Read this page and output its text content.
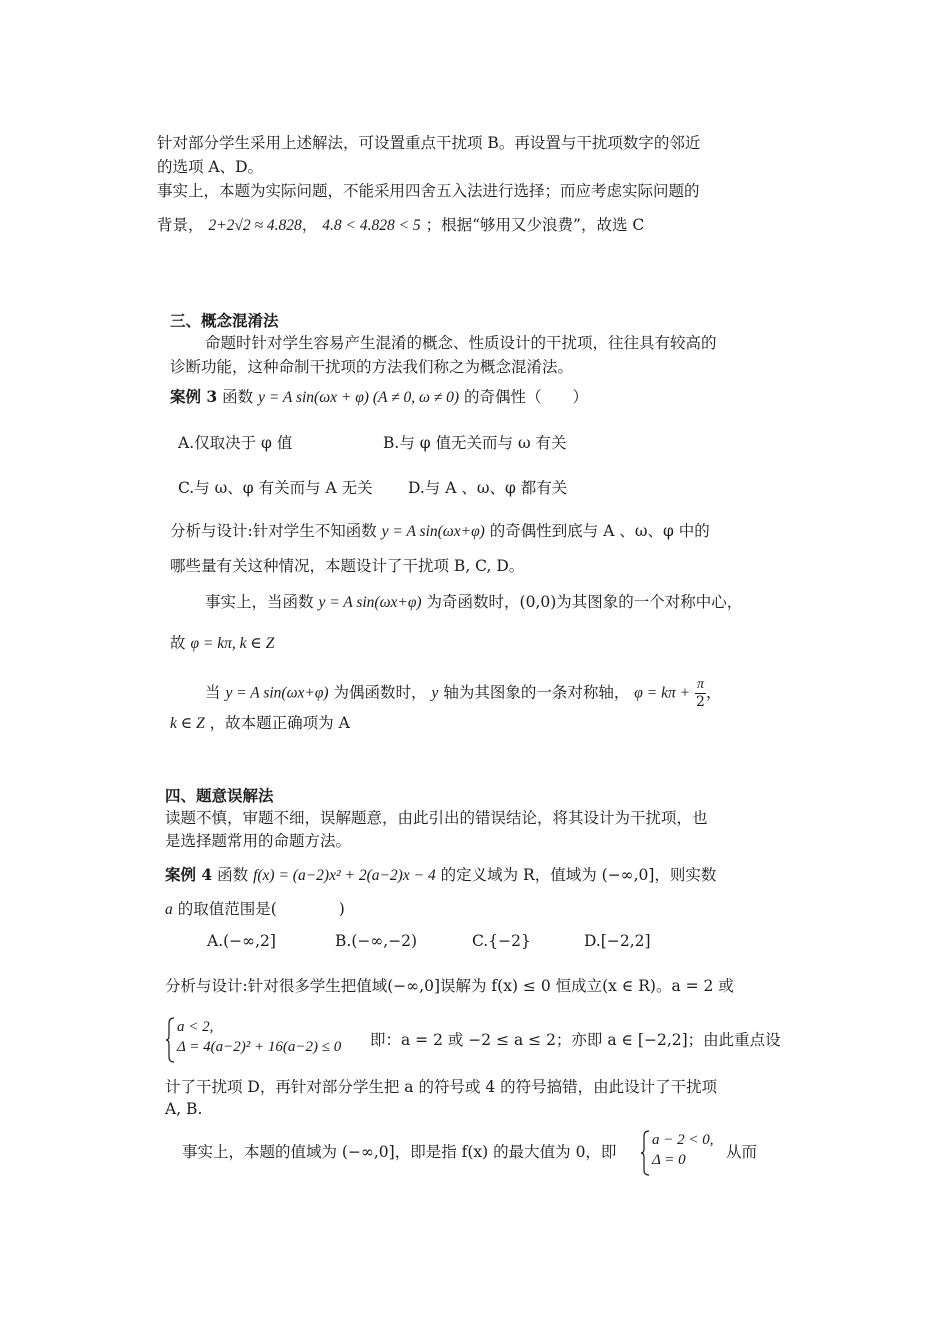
针对部分学生采用上述解法，可设置重点干扰项 B。再设置与干扰项数字的邻近
的选项 A、D。
事实上，本题为实际问题，不能采用四舍五入法进行选择；而应考虑实际问题的
背景， 2+2√2 ≈ 4.828， 4.8 < 4.828 < 5 ；根据“够用又少浪费”，故选 C
三、概念混淆法
命题时针对学生容易产生混淆的概念、性质设计的干扰项，往往具有较高的
诊断功能，这种命制干扰项的方法我们称之为概念混淆法。
案例 3 函数 y = A sin(ωx + φ) (A ≠ 0, ω ≠ 0) 的奇偶性（　　）
A.仅取决于 φ 值	B.与 φ 值无关而与 ω 有关
C.与 ω、φ 有关而与 A 无关 D.与 A 、ω、φ 都有关
分析与设计:针对学生不知函数 y = A sin(ωx+φ) 的奇偶性到底与 A 、ω、φ 中的
哪些量有关这种情况，本题设计了干扰项 B, C, D。
事实上，当函数 y = A sin(ωx+φ) 为奇函数时，(0,0)为其图象的一个对称中心，
故 φ = kπ, k ∈ Z
当 y = A sin(ωx+φ) 为偶函数时， y 轴为其图象的一条对称轴， $\varphi = k\pi + \frac{\pi}{2}$ ，
k ∈ Z ，故本题正确项为 A
四、题意误解法
读题不慎，审题不细，误解题意，由此引出的错误结论，将其设计为干扰项，也
是选择题常用的命题方法。
案例 4 函数 f(x) = (a−2)x² + 2(a−2)x − 4 的定义域为 R，值域为 (−∞,0]，则实数
a 的取值范围是(　　　　)
A.(−∞,2]	B.(−∞,−2)	C.{−2}	D.[−2,2]
分析与设计:针对很多学生把值域(−∞,0]误解为 f(x) ≤ 0 恒成立(x ∈ R)。a = 2 或
a < 2,
Δ = 4(a−2)² + 16(a−2) ≤ 0 即：a = 2 或 −2 ≤ a ≤ 2；亦即 a ∈ [−2,2]；由此重点设
计了干扰项 D，再针对部分学生把 a 的符号或 4 的符号搞错，由此设计了干扰项
A, B.
事实上，本题的值域为 (−∞,0]，即是指 f(x) 的最大值为 0，即
a − 2 < 0,
Δ = 0	从而
